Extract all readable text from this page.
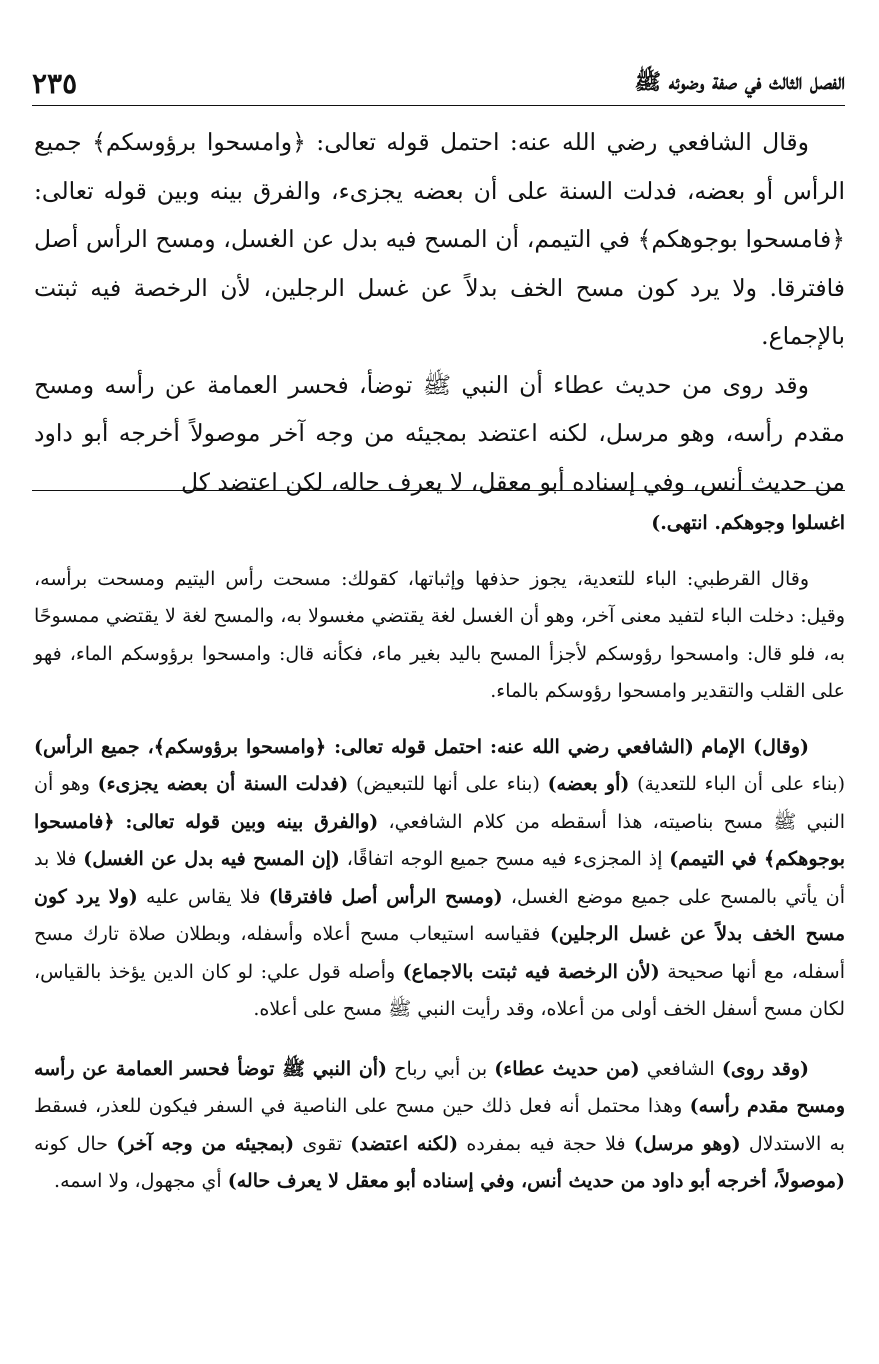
الفصل الثالث في صفة وضوئه ﷺ
٢٣٥

وقال الشافعي رضي الله عنه: احتمل قوله تعالى: ﴿وامسحوا برؤوسكم﴾ جميع الرأس أو بعضه، فدلت السنة على أن بعضه يجزىء، والفرق بينه وبين قوله تعالى: ﴿فامسحوا بوجوهكم﴾ في التيمم، أن المسح فيه بدل عن الغسل، ومسح الرأس أصل فافترقا. ولا يرد كون مسح الخف بدلاً عن غسل الرجلين، لأن الرخصة فيه ثبتت بالإجماع.

وقد روى من حديث عطاء أن النبي ﷺ توضأ، فحسر العمامة عن رأسه ومسح مقدم رأسه، وهو مرسل، لكنه اعتضد بمجيئه من وجه آخر موصولاً أخرجه أبو داود من حديث أنس، وفي إسناده أبو معقل، لا يعرف حاله، لكن اعتضد كل

اغسلوا وجوهكم. انتهى.)

وقال القرطبي: الباء للتعدية، يجوز حذفها وإثباتها، كقولك: مسحت رأس اليتيم ومسحت برأسه، وقيل: دخلت الباء لتفيد معنى آخر، وهو أن الغسل لغة يقتضي مغسولا به، والمسح لغة لا يقتضي ممسوحًا به، فلو قال: وامسحوا رؤوسكم لأجزأ المسح باليد بغير ماء، فكأنه قال: وامسحوا برؤوسكم الماء، فهو على القلب والتقدير وامسحوا رؤوسكم بالماء.

(وقال) الإمام (الشافعي رضي الله عنه: احتمل قوله تعالى: ﴿وامسحوا برؤوسكم﴾، جميع الرأس) (بناء على أن الباء للتعدية) (أو بعضه) (بناء على أنها للتبعيض) (فدلت السنة أن بعضه يجزىء) وهو أن النبي ﷺ مسح بناصيته، هذا أسقطه من كلام الشافعي، (والفرق بينه وبين قوله تعالى: ﴿فامسحوا بوجوهكم﴾ في التيمم) إذ المجزىء فيه مسح جميع الوجه اتفاقًا، (إن المسح فيه بدل عن الغسل) فلا بد أن يأتي بالمسح على جميع موضع الغسل، (ومسح الرأس أصل فافترقا) فلا يقاس عليه (ولا يرد كون مسح الخف بدلاً عن غسل الرجلين) فقياسه استيعاب مسح أعلاه وأسفله، وبطلان صلاة تارك مسح أسفله، مع أنها صحيحة (لأن الرخصة فيه ثبتت بالاجماع) وأصله قول علي: لو كان الدين يؤخذ بالقياس، لكان مسح أسفل الخف أولى من أعلاه، وقد رأيت النبي ﷺ مسح على أعلاه.

(وقد روى) الشافعي (من حديث عطاء) بن أبي رباح (أن النبي ﷺ توضأ فحسر العمامة عن رأسه ومسح مقدم رأسه) وهذا محتمل أنه فعل ذلك حين مسح على الناصية في السفر فيكون للعذر، فسقط به الاستدلال (وهو مرسل) فلا حجة فيه بمفرده (لكنه اعتضد) تقوى (بمجيئه من وجه آخر) حال كونه (موصولاً، أخرجه أبو داود من حديث أنس، وفي إسناده أبو معقل لا يعرف حاله) أي مجهول، ولا اسمه.
